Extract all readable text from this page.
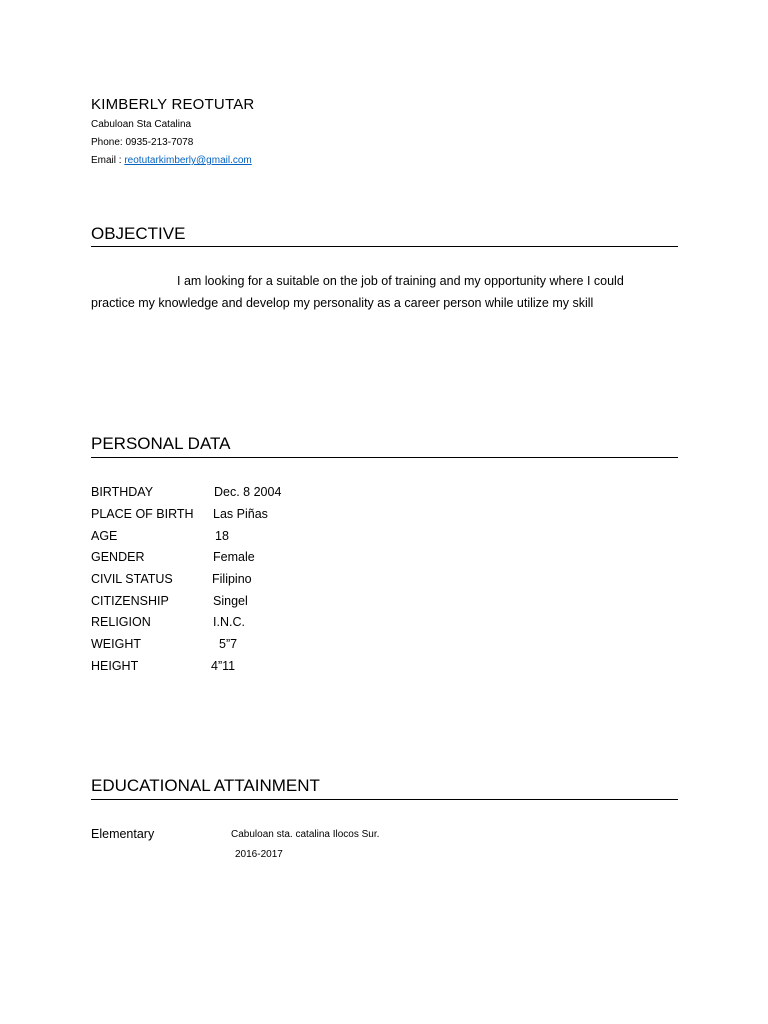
KIMBERLY REOTUTAR
Cabuloan Sta Catalina
Phone: 0935-213-7078
Email : reotutarkimberly@gmail.com
OBJECTIVE
I am looking for a suitable on the job of training and my opportunity where I could practice my knowledge and develop my personality as a career person while utilize my skill
PERSONAL DATA
BIRTHDAY	Dec. 8 2004
PLACE OF BIRTH Las Piñas
AGE	18
GENDER	Female
CIVIL STATUS	Filipino
CITIZENSHIP	Singel
RELIGION	I.N.C.
WEIGHT	5”7
HEIGHT	4”11
EDUCATIONAL ATTAINMENT
Elementary	Cabuloan sta. catalina Ilocos Sur.
2016-2017
